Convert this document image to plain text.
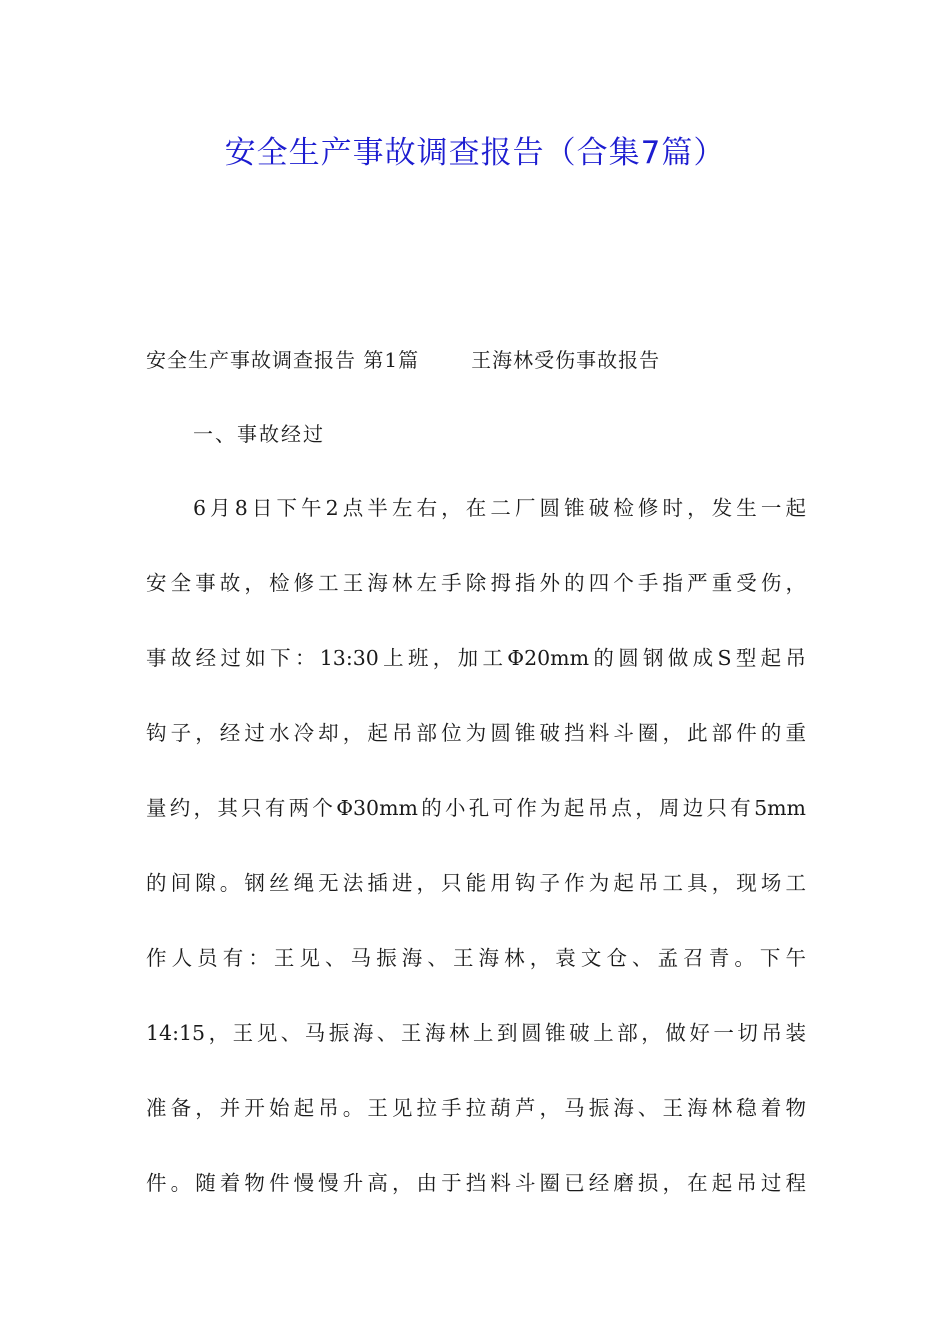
安全生产事故调查报告（合集7篇）
安全生产事故调查报告 第1篇	王海林受伤事故报告
一、事故经过
6月8日下午2点半左右，在二厂圆锥破检修时，发生一起
安全事故，检修工王海林左手除拇指外的四个手指严重受伤，
事故经过如下：13:30上班，加工Φ20mm的圆钢做成S型起吊
钩子，经过水冷却，起吊部位为圆锥破挡料斗圈，此部件的重
量约，其只有两个Φ30mm的小孔可作为起吊点，周边只有5mm
的间隙。钢丝绳无法插进，只能用钩子作为起吊工具，现场工
作人员有：王见、马振海、王海林，袁文仓、孟召青。下午
14:15，王见、马振海、王海林上到圆锥破上部，做好一切吊装
准备，并开始起吊。王见拉手拉葫芦，马振海、王海林稳着物
件。随着物件慢慢升高，由于挡料斗圈已经磨损，在起吊过程
